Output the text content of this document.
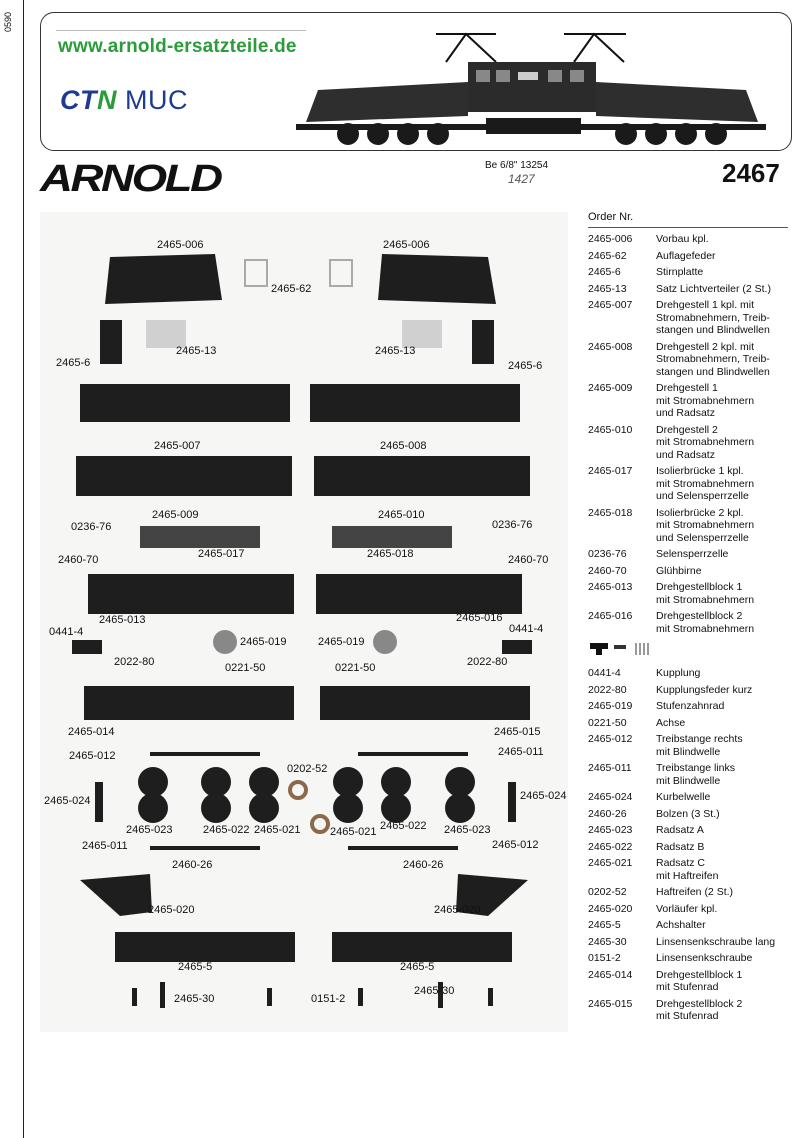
0590
www.arnold-ersatzteile.de
CTN MUC
ARNOLD	Be 6/8" 13254
1427	2467
2465-006	2465-006
2465-62
2465-6
2465-13	2465-13
2465-6
2465-007	2465-008
2465-009	2465-010
0236-76	0236-76
2460-70	2465-017	2465-018	2460-70
2465-013	2465-016
0441-4
2465-019	2465-019
0441-4
2022-80	0221-50	0221-50	2022-80
2465-014	2465-015
2465-012	2465-011
0202-52
2465-024	2465-024
2465-023	2465-022 2465-021	2465-021 2465-022 2465-023
2465-011	2465-012
2460-26	2460-26
2465-020	2465-020
2465-5	2465-5
2465-30	0151-2
2465-30
Order Nr.
2465-006	Vorbau kpl.
2465-62	Auflagefeder
2465-6	Stirnplatte
2465-13	Satz Lichtverteiler (2 St.)
2465-007	Drehgestell 1 kpl. mit
Stromabnehmern, Treib-
stangen und Blindwellen
2465-008	Drehgestell 2 kpl. mit
Stromabnehmern, Treib-
stangen und Blindwellen
2465-009	Drehgestell 1
mit Stromabnehmern
und Radsatz
2465-010	Drehgestell 2
mit Stromabnehmern
und Radsatz
2465-017	Isolierbrücke 1 kpl.
mit Stromabnehmern
und Selensperrzelle
2465-018	Isolierbrücke 2 kpl.
mit Stromabnehmern
und Selensperrzelle
0236-76	Selensperrzelle
2460-70	Glühbirne
2465-013	Drehgestellblock 1
mit Stromabnehmern
2465-016	Drehgestellblock 2
mit Stromabnehmern
0441-4	Kupplung
2022-80	Kupplungsfeder kurz
2465-019	Stufenzahnrad
0221-50	Achse
2465-012	Treibstange rechts
mit Blindwelle
2465-011	Treibstange links
mit Blindwelle
2465-024	Kurbelwelle
2460-26	Bolzen (3 St.)
2465-023	Radsatz A
2465-022	Radsatz B
2465-021	Radsatz C
mit Haftreifen
0202-52	Haftreifen (2 St.)
2465-020	Vorläufer kpl.
2465-5	Achshalter
2465-30	Linsensenkschraube lang
0151-2	Linsensenkschraube
2465-014	Drehgestellblock 1
mit Stufenrad
2465-015	Drehgestellblock 2
mit Stufenrad
